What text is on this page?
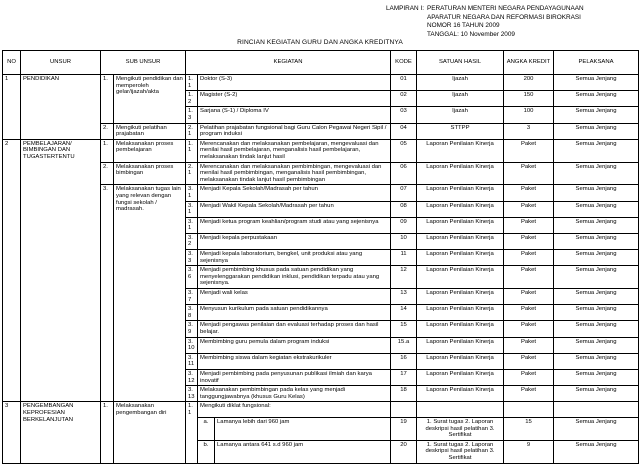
LAMPIRAN I: PERATURAN MENTERI NEGARA PENDAYAGUNAAN
APARATUR NEGARA DAN REFORMASI BIROKRASI
NOMOR 16 TAHUN 2009
TANGGAL: 10 November 2009
RINCIAN KEGIATAN GURU DAN ANGKA KREDITNYA
NO	UNSUR	SUB UNSUR		KEGIATAN			KODE	SATUAN HASIL	ANGKA KREDIT	PELAKSANA
1	PENDIDIKAN	1.	Mengikuti pendidikan dan memperoleh gelar/ijazah/akta	1.1	Doktor (S-3)		01	Ijazah	200	Semua Jenjang
				1.2	Magister (S-2)		02	Ijazah	150	Semua Jenjang
				1.3	Sarjana (S-1) / Diploma IV		03	Ijazah	100	Semua Jenjang
		2.	Mengikuti pelatihan prajabatan	2.1	Pelatihan prajabatan fungsional bagi Guru Calon Pegawai Negeri Sipil / program induksi		04	STTPP	3	Semua Jenjang
2	PEMBELAJARAN/ BIMBINGAN DAN TUGASTERTENTU	1.	Melaksanakan proses pembelajaran	1.1	Merencanakan dan melaksanakan pembelajaran, mengevaluasi dan menilai hasil pembelajaran, menganalisis hasil pembelajaran, melaksanakan tindak lanjut hasil		05	Laporan Penilaian Kinerja	Paket	Semua Jenjang
		2.	Melaksanakan proses bimbingan	2.1	Merencanakan dan melaksanakan pembimbingan, mengevaluasi dan menilai hasil pembimbingan, menganalisis hasil pembimbingan, melaksanakan tindak lanjut hasil pembimbingan		06	Laporan Penilaian Kinerja	Paket	Semua Jenjang
		3.	Melaksanakan tugas lain yang relevan dengan fungsi sekolah / madrasah.	3.1	Menjadi Kepala Sekolah/Madrasah per tahun		07	Laporan Penilaian Kinerja	Paket	Semua Jenjang
				3.1	Menjadi Wakil Kepala Sekolah/Madrasah per tahun		08	Laporan Penilaian Kinerja	Paket	Semua Jenjang
				3.1	Menjadi ketua program keahlian/program studi atau yang sejenisnya		09	Laporan Penilaian Kinerja	Paket	Semua Jenjang
				3.2	Menjadi kepala perpustakaan		10	Laporan Penilaian Kinerja	Paket	Semua Jenjang
				3.3	Menjadi kepala laboratorium, bengkel, unit produksi atau yang sejenisnya		11	Laporan Penilaian Kinerja	Paket	Semua Jenjang
				3.6	Menjadi pembimbing khusus pada satuan pendidikan yang menyelenggarakan pendidikan inklusi, pendidikan terpadu atau yang sejenisnya.		12	Laporan Penilaian Kinerja	Paket	Semua Jenjang
				3.7	Menjadi wali kelas		13	Laporan Penilaian Kinerja	Paket	Semua Jenjang
				3.8	Menyusun kurikulum pada satuan pendidikannya		14	Laporan Penilaian Kinerja	Paket	Semua Jenjang
				3.9	Menjadi pengawas penilaian dan evaluasi terhadap proses dan hasil belajar.		15	Laporan Penilaian Kinerja	Paket	Semua Jenjang
				3.10	Membimbing guru pemula dalam program induksi		15.a	Laporan Penilaian Kinerja	Paket	Semua Jenjang
				3.11	Membimbing siswa dalam kegiatan ekstrakurikuler		16	Laporan Penilaian Kinerja	Paket	Semua Jenjang
				3.12	Menjadi pembimbing pada penyusunan publikasi ilmiah dan karya inovatif		17	Laporan Penilaian Kinerja	Paket	Semua Jenjang
				3.13	Melaksanakan pembimbingan pada kelas yang menjadi tanggungjawabnya (khusus Guru Kelas)		18	Laporan Penilaian Kinerja	Paket	Semua Jenjang
3	PENGEMBANGAN KEPROFESIAN BERKELANJUTAN	1.	Melaksanakan pengembangan diri	1.1	Mengikuti diklat fungsional:					
					a.	Lamanya lebih dari 960 jam	19	1. Surat tugas 2. Laporan deskripsi hasil pelatihan 3. Sertifikat	15	Semua Jenjang
					b.	Lamanya antara 641 s.d 960 jam	20	1. Surat tugas 2. Laporan deskripsi hasil pelatihan 3. Sertifikat	9	Semua Jenjang
